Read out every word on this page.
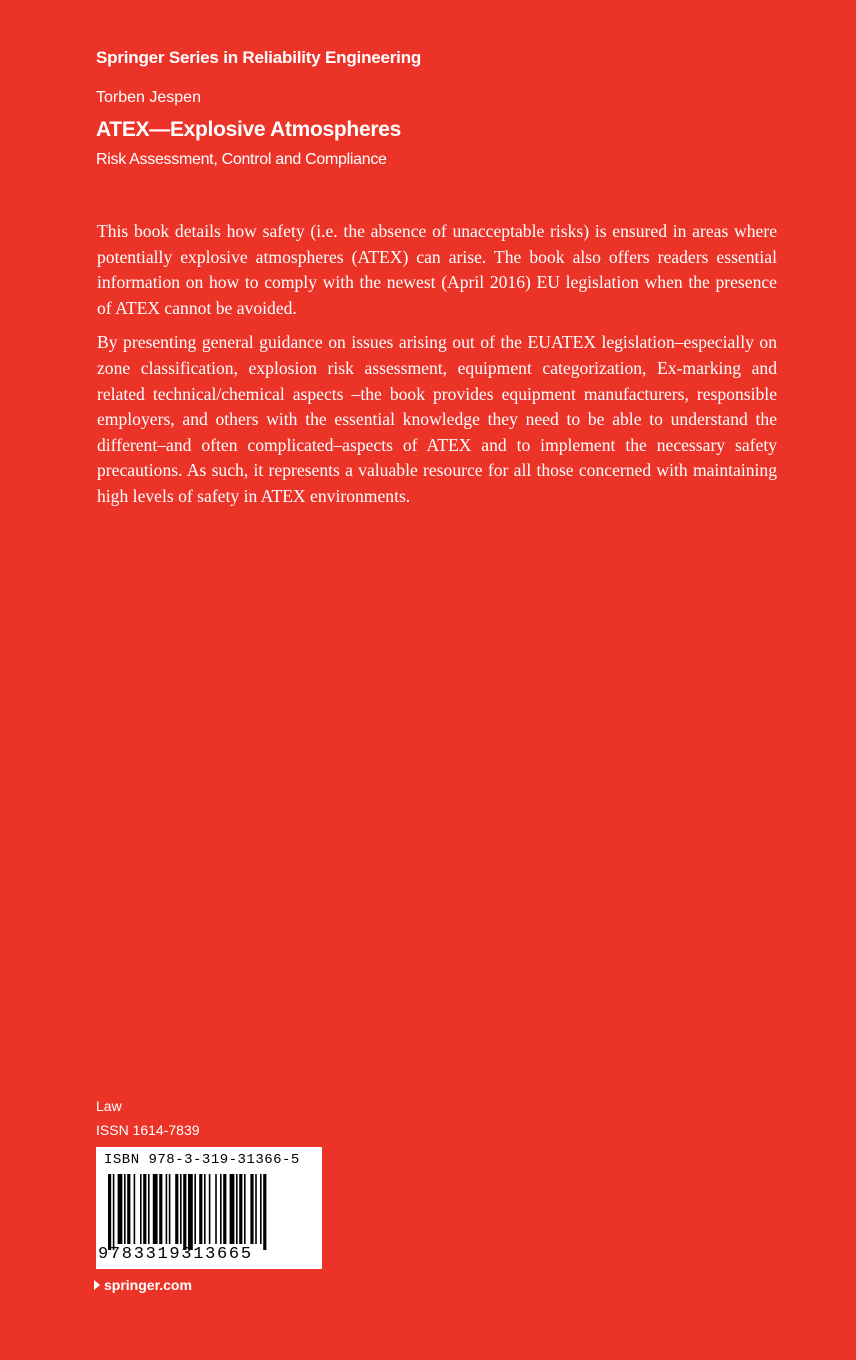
Springer Series in Reliability Engineering
Torben Jespen
ATEX—Explosive Atmospheres
Risk Assessment, Control and Compliance

This book details how safety (i.e. the absence of unacceptable risks) is ensured in areas where potentially explosive atmospheres (ATEX) can arise. The book also offers readers essential information on how to comply with the newest (April 2016) EU legislation when the presence of ATEX cannot be avoided.

By presenting general guidance on issues arising out of the EUATEX legislation–especially on zone classification, explosion risk assessment, equipment categorization, Ex-marking and related technical/chemical aspects –the book provides equipment manufacturers, responsible employers, and others with the essential knowledge they need to be able to understand the different–and often complicated–aspects of ATEX and to implement the necessary safety precautions. As such, it represents a valuable resource for all those concerned with maintaining high levels of safety in ATEX environments.

Law
ISSN 1614-7839
ISBN 978-3-319-31366-5
9783319313665
springer.com
